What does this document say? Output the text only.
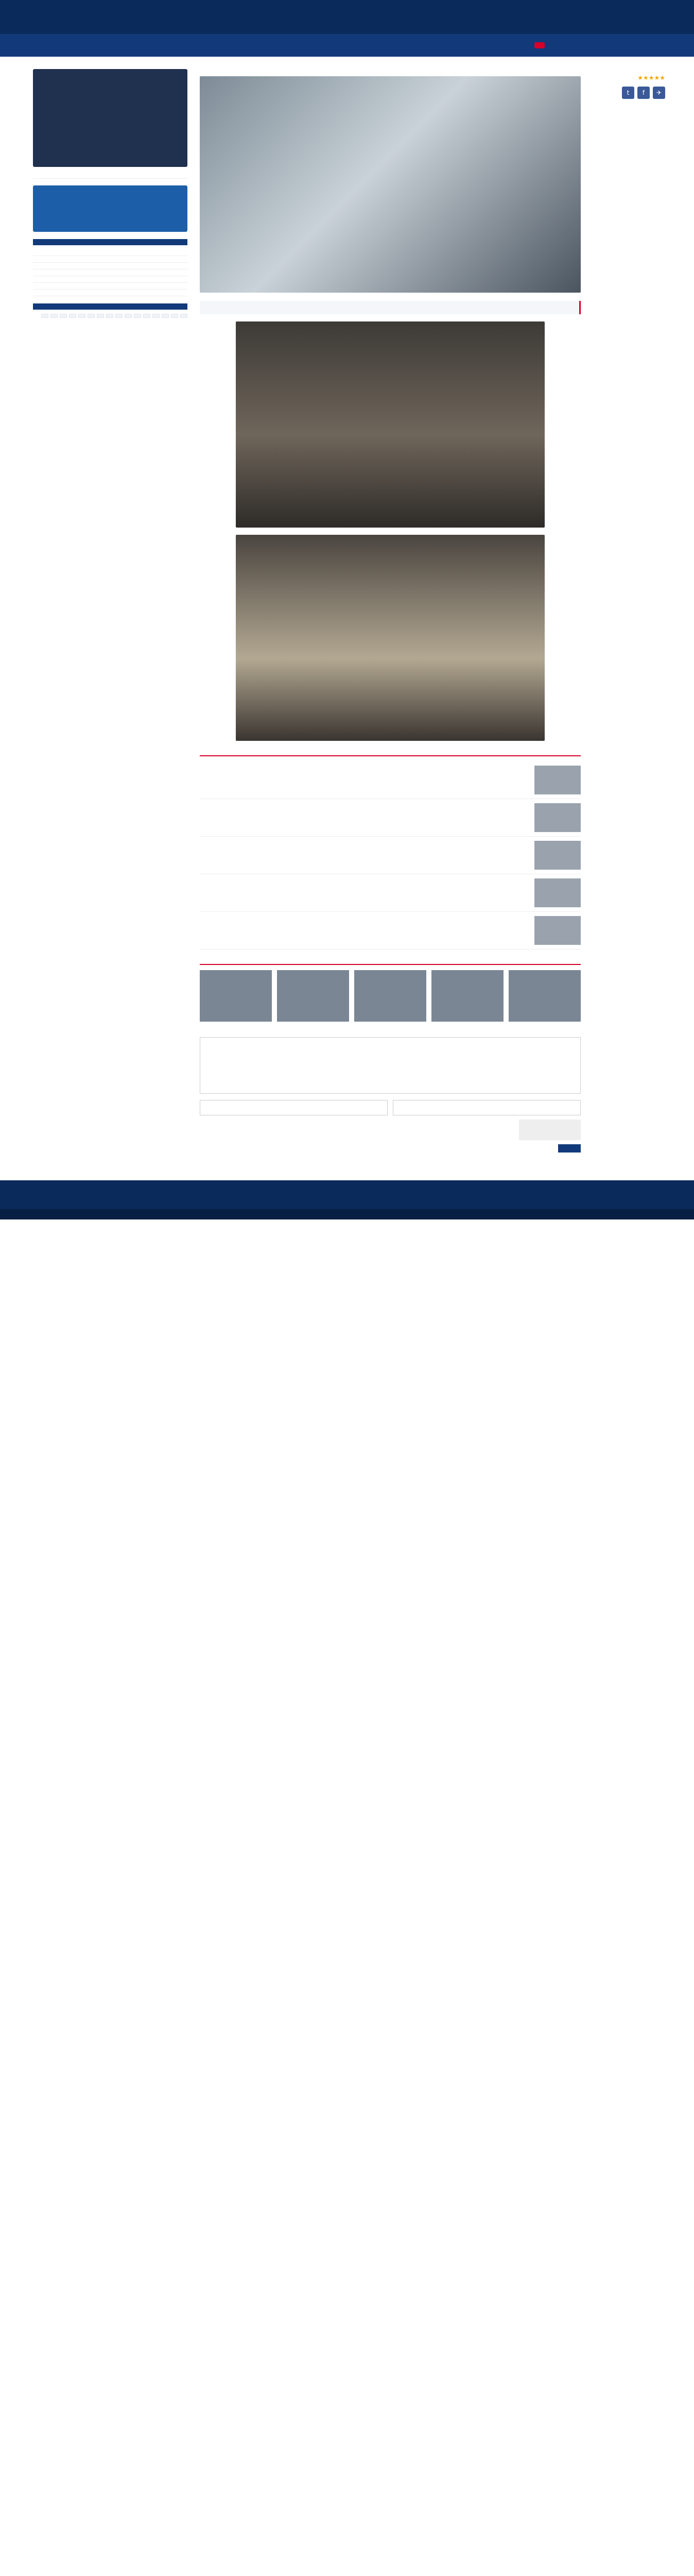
★★★★★
✈
f
t
